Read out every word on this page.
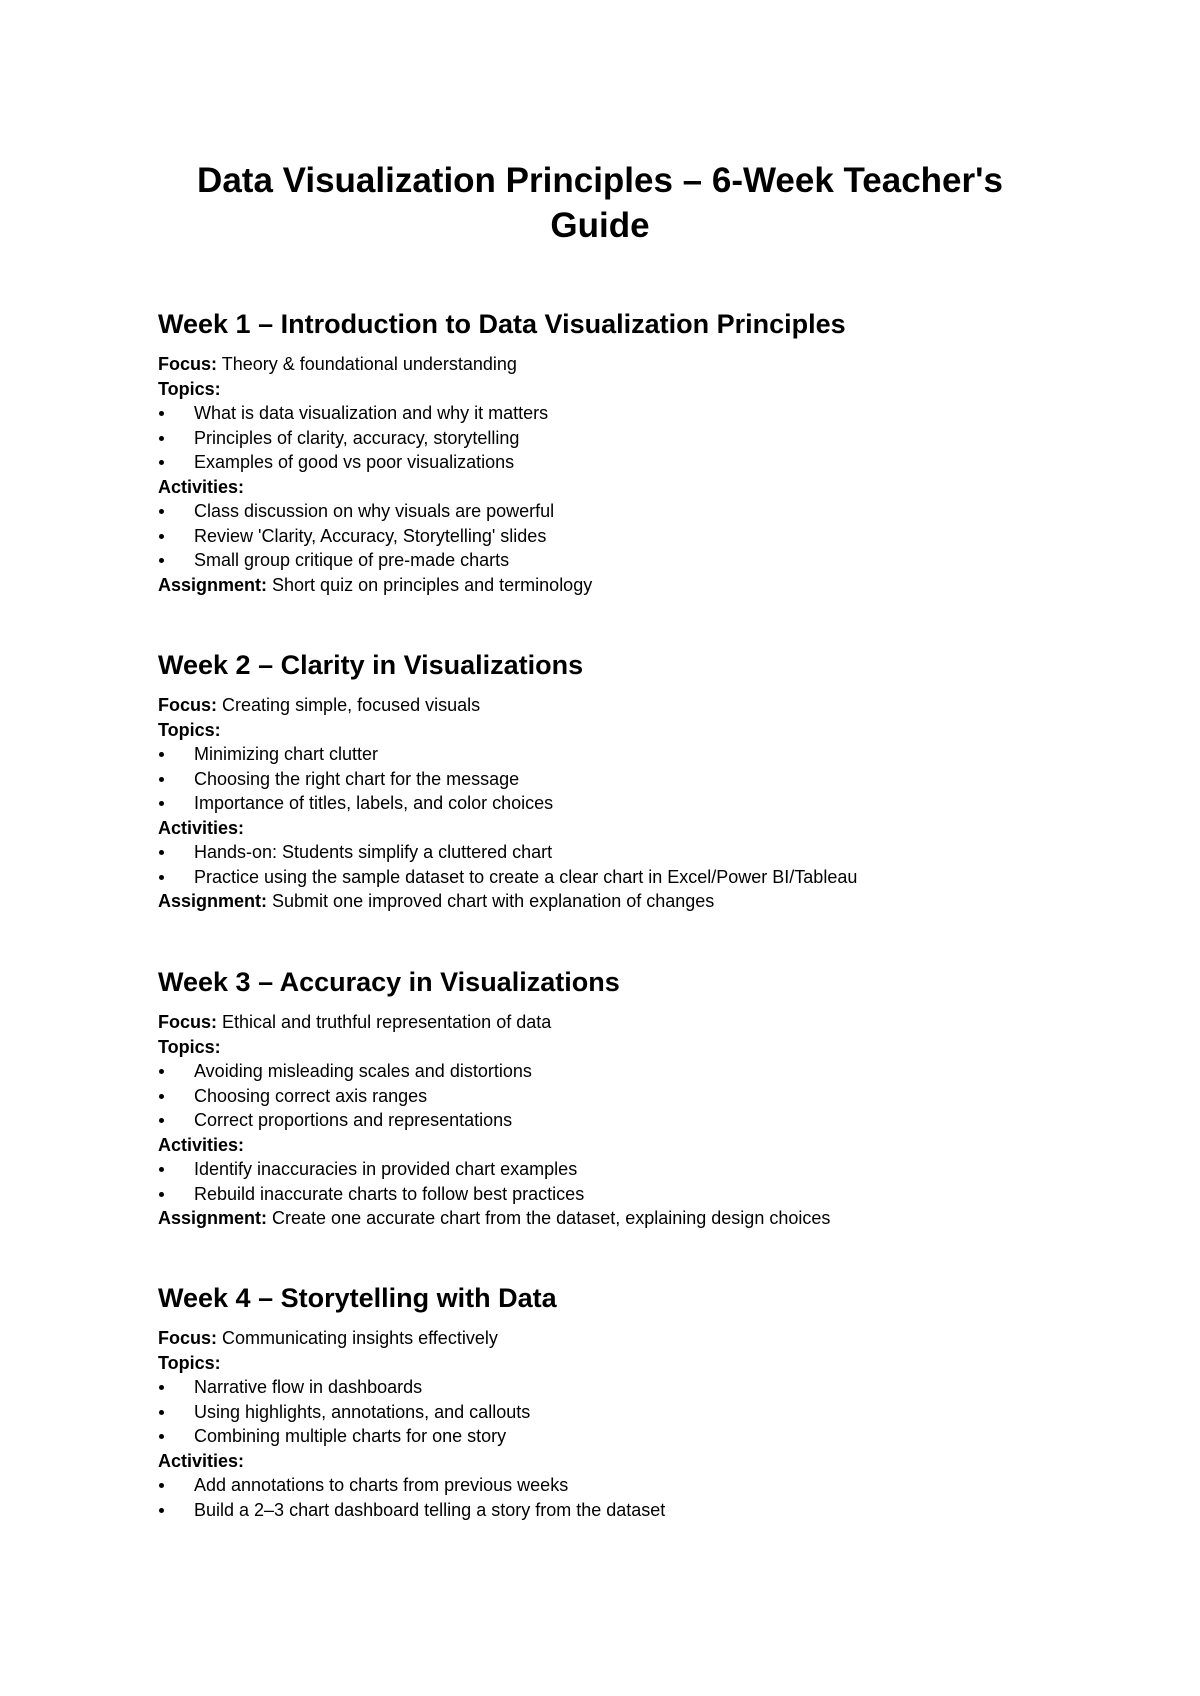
Data Visualization Principles – 6-Week Teacher's Guide
Week 1 – Introduction to Data Visualization Principles
Focus: Theory & foundational understanding
Topics:
What is data visualization and why it matters
Principles of clarity, accuracy, storytelling
Examples of good vs poor visualizations
Activities:
Class discussion on why visuals are powerful
Review 'Clarity, Accuracy, Storytelling' slides
Small group critique of pre-made charts
Assignment: Short quiz on principles and terminology
Week 2 – Clarity in Visualizations
Focus: Creating simple, focused visuals
Topics:
Minimizing chart clutter
Choosing the right chart for the message
Importance of titles, labels, and color choices
Activities:
Hands-on: Students simplify a cluttered chart
Practice using the sample dataset to create a clear chart in Excel/Power BI/Tableau
Assignment: Submit one improved chart with explanation of changes
Week 3 – Accuracy in Visualizations
Focus: Ethical and truthful representation of data
Topics:
Avoiding misleading scales and distortions
Choosing correct axis ranges
Correct proportions and representations
Activities:
Identify inaccuracies in provided chart examples
Rebuild inaccurate charts to follow best practices
Assignment: Create one accurate chart from the dataset, explaining design choices
Week 4 – Storytelling with Data
Focus: Communicating insights effectively
Topics:
Narrative flow in dashboards
Using highlights, annotations, and callouts
Combining multiple charts for one story
Activities:
Add annotations to charts from previous weeks
Build a 2–3 chart dashboard telling a story from the dataset
